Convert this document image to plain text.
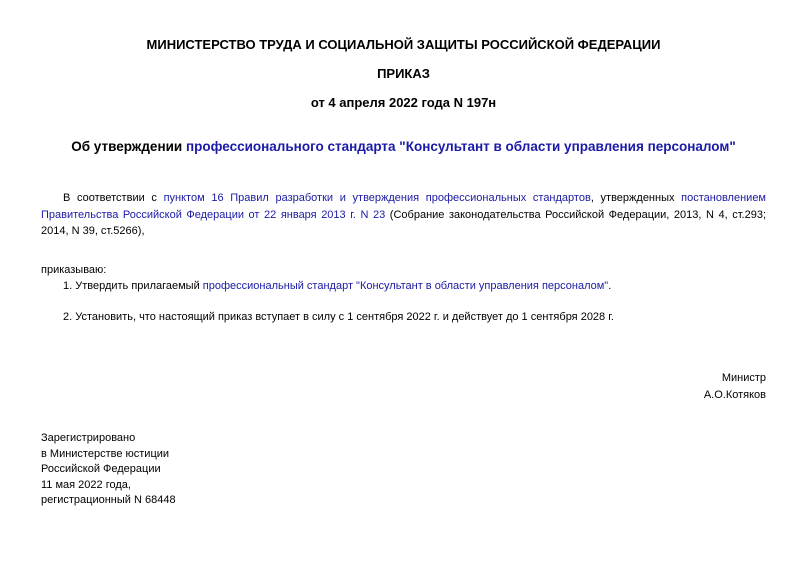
МИНИСТЕРСТВО ТРУДА И СОЦИАЛЬНОЙ ЗАЩИТЫ РОССИЙСКОЙ ФЕДЕРАЦИИ
ПРИКАЗ
от 4 апреля 2022 года N 197н
Об утверждении профессионального стандарта "Консультант в области управления персоналом"
В соответствии с пунктом 16 Правил разработки и утверждения профессиональных стандартов, утвержденных постановлением Правительства Российской Федерации от 22 января 2013 г. N 23 (Собрание законодательства Российской Федерации, 2013, N 4, ст.293; 2014, N 39, ст.5266),
приказываю:
1. Утвердить прилагаемый профессиональный стандарт "Консультант в области управления персоналом".
2. Установить, что настоящий приказ вступает в силу с 1 сентября 2022 г. и действует до 1 сентября 2028 г.
Министр
А.О.Котяков
Зарегистрировано
в Министерстве юстиции
Российской Федерации
11 мая 2022 года,
регистрационный N 68448
